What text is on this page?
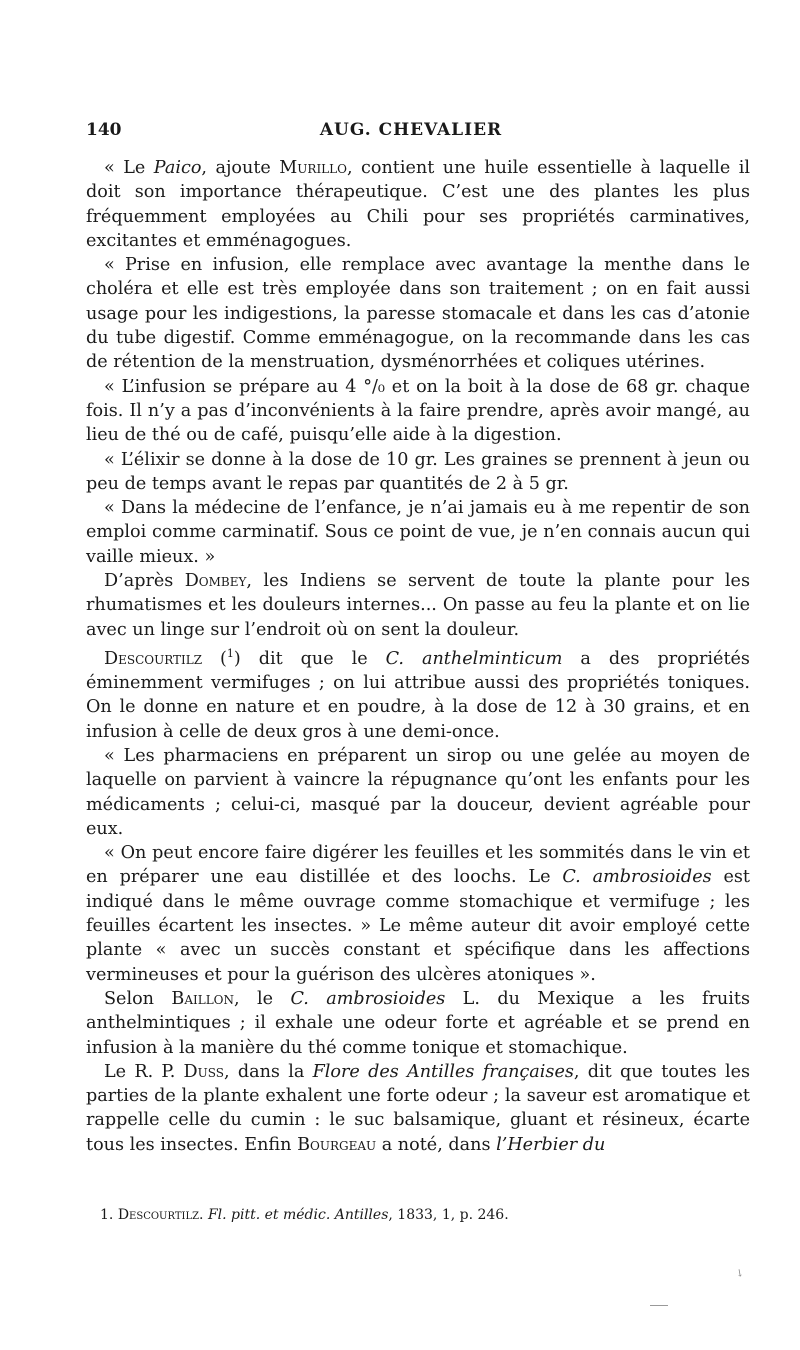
140	AUG. CHEVALIER

« Le Paico, ajoute Murillo, contient une huile essentielle à laquelle il doit son importance thérapeutique. C’est une des plantes les plus fréquemment employées au Chili pour ses propriétés carminatives, excitantes et emménagogues.

« Prise en infusion, elle remplace avec avantage la menthe dans le choléra et elle est très employée dans son traitement ; on en fait aussi usage pour les indigestions, la paresse stomacale et dans les cas d’atonie du tube digestif. Comme emménagogue, on la recommande dans les cas de rétention de la menstruation, dysménorrhées et coliques utérines.

« L’infusion se prépare au 4 °/₀ et on la boit à la dose de 68 gr. chaque fois. Il n’y a pas d’inconvénients à la faire prendre, après avoir mangé, au lieu de thé ou de café, puisqu’elle aide à la digestion.

« L’élixir se donne à la dose de 10 gr. Les graines se prennent à jeun ou peu de temps avant le repas par quantités de 2 à 5 gr.

« Dans la médecine de l’enfance, je n’ai jamais eu à me repentir de son emploi comme carminatif. Sous ce point de vue, je n’en connais aucun qui vaille mieux. »

D’après Dombey, les Indiens se servent de toute la plante pour les rhumatismes et les douleurs internes... On passe au feu la plante et on lie avec un linge sur l’endroit où on sent la douleur.

Descourtilz ($^1$) dit que le C. anthelminticum a des propriétés éminemment vermifuges ; on lui attribue aussi des propriétés toniques. On le donne en nature et en poudre, à la dose de 12 à 30 grains, et en infusion à celle de deux gros à une demi-once.

« Les pharmaciens en préparent un sirop ou une gelée au moyen de laquelle on parvient à vaincre la répugnance qu’ont les enfants pour les médicaments ; celui-ci, masqué par la douceur, devient agréable pour eux.

« On peut encore faire digérer les feuilles et les sommités dans le vin et en préparer une eau distillée et des loochs. Le C. ambrosioides est indiqué dans le même ouvrage comme stomachique et vermifuge ; les feuilles écartent les insectes. » Le même auteur dit avoir employé cette plante « avec un succès constant et spécifique dans les affections vermineuses et pour la guérison des ulcères atoniques ».

Selon Baillon, le C. ambrosioides L. du Mexique a les fruits anthelmintiques ; il exhale une odeur forte et agréable et se prend en infusion à la manière du thé comme tonique et stomachique.

Le R. P. Duss, dans la Flore des Antilles françaises, dit que toutes les parties de la plante exhalent une forte odeur ; la saveur est aromatique et rappelle celle du cumin : le suc balsamique, gluant et résineux, écarte tous les insectes. Enfin Bourgeau a noté, dans l’Herbier du

1. Descourtilz. Fl. pitt. et médic. Antilles, 1833, 1, p. 246.
↘
